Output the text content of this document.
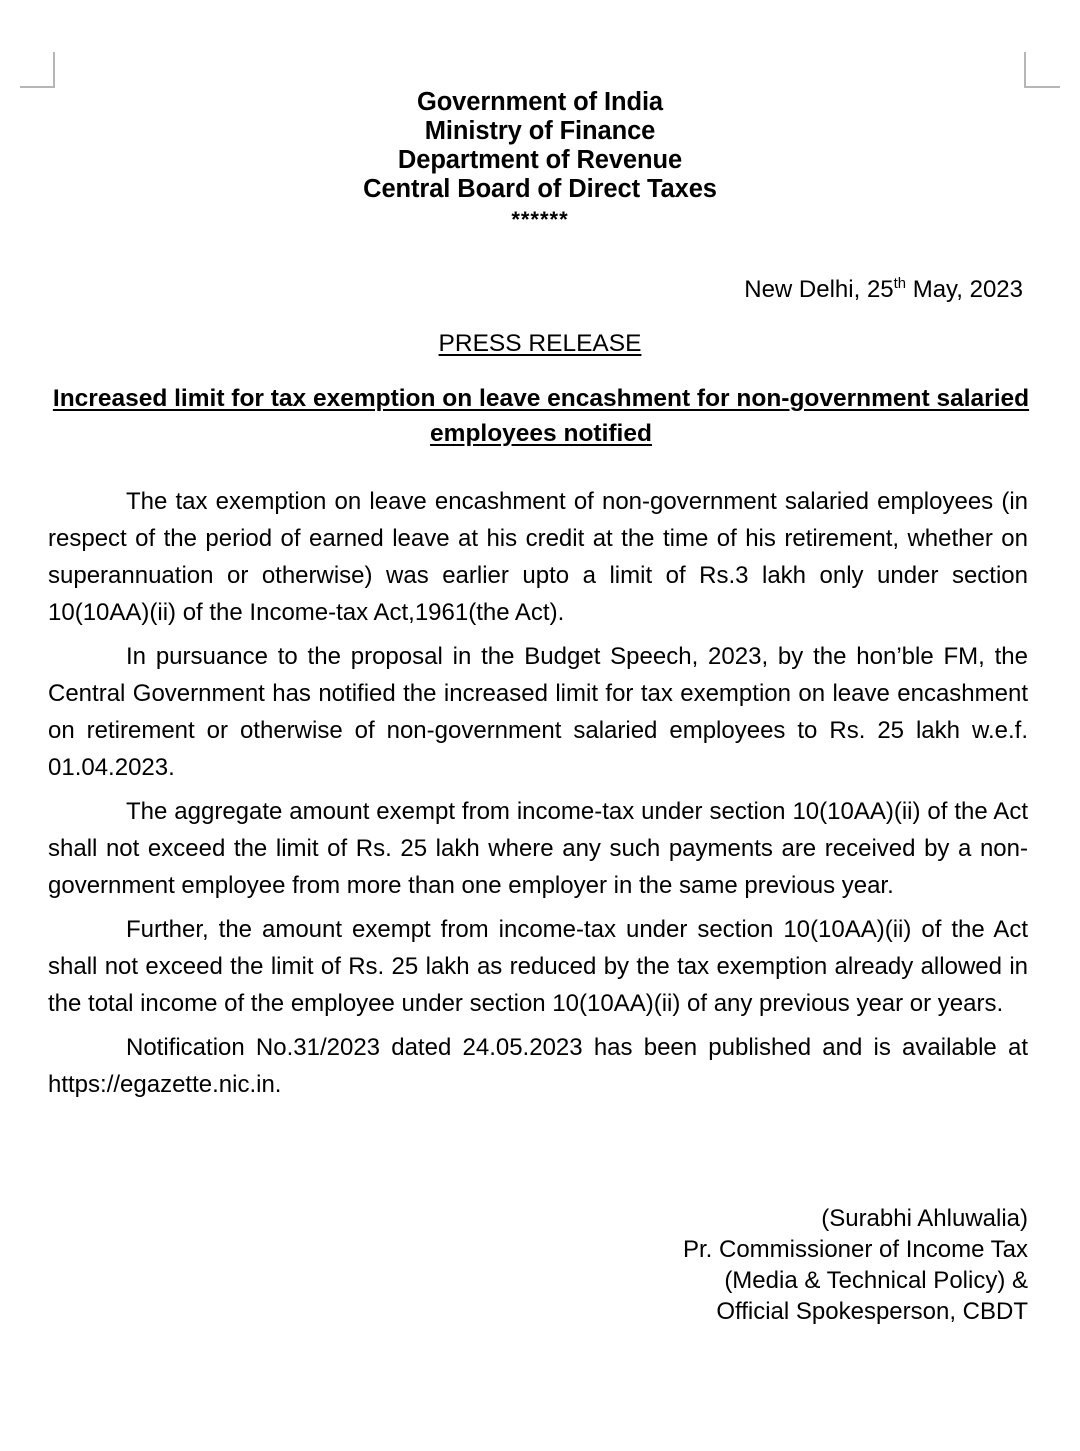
Government of India
Ministry of Finance
Department of Revenue
Central Board of Direct Taxes
******
New Delhi, 25th May, 2023
PRESS RELEASE
Increased limit for tax exemption on leave encashment for non-government salaried employees notified

The tax exemption on leave encashment of non-government salaried employees (in respect of the period of earned leave at his credit at the time of his retirement, whether on superannuation or otherwise) was earlier upto a limit of Rs.3 lakh only under section 10(10AA)(ii) of the Income-tax Act,1961(the Act).

In pursuance to the proposal in the Budget Speech, 2023, by the hon’ble FM, the Central Government has notified the increased limit for tax exemption on leave encashment on retirement or otherwise of non-government salaried employees to Rs. 25 lakh w.e.f. 01.04.2023.

The aggregate amount exempt from income-tax under section 10(10AA)(ii) of the Act shall not exceed the limit of Rs. 25 lakh where any such payments are received by a non-government employee from more than one employer in the same previous year.

Further, the amount exempt from income-tax under section 10(10AA)(ii) of the Act shall not exceed the limit of Rs. 25 lakh as reduced by the tax exemption already allowed in the total income of the employee under section 10(10AA)(ii) of any previous year or years.

Notification No.31/2023 dated 24.05.2023 has been published and is available at https://egazette.nic.in.

(Surabhi Ahluwalia)
Pr. Commissioner of Income Tax
(Media & Technical Policy) &
Official Spokesperson, CBDT
